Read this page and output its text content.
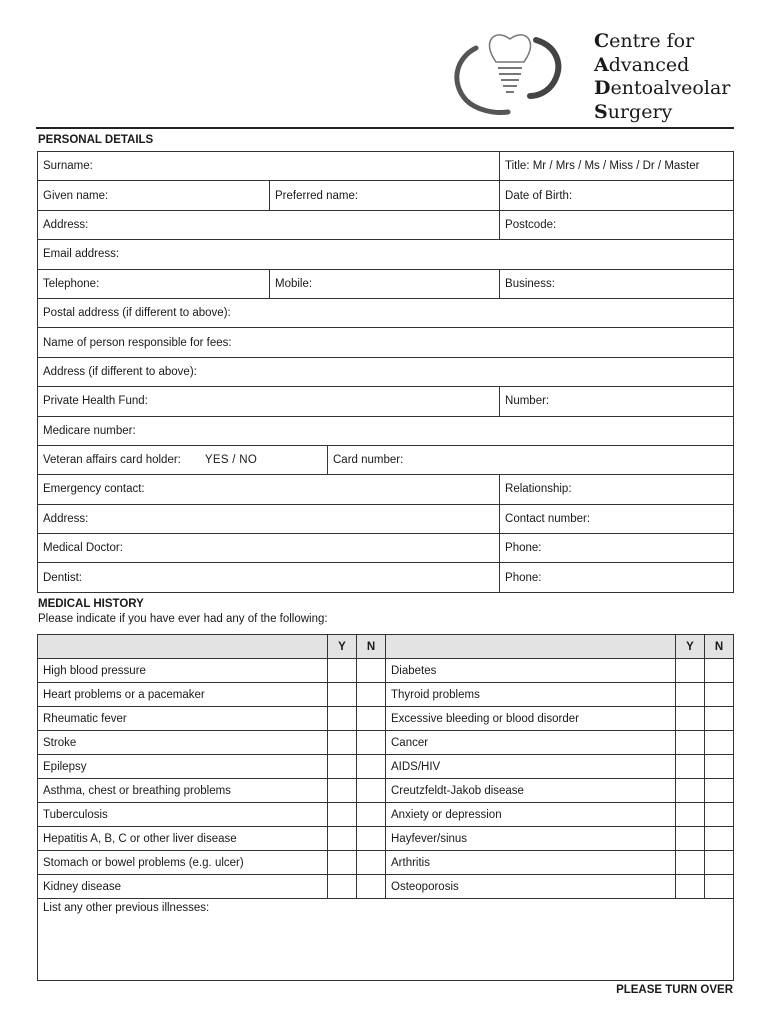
Centre for
Advanced
Dentoalveolar
Surgery
PERSONAL DETAILS
Surname:			Title: Mr / Mrs / Ms / Miss / Dr / Master
Given name:	Preferred name:		Date of Birth:
Address:			Postcode:
Email address:			
Telephone:	Mobile:		Business:
Postal address (if different to above):			
Name of person responsible for fees:			
Address (if different to above):			
Private Health Fund:			Number:
Medicare number:			
Veteran affairs card holder: YES / NO		Card number:	
Emergency contact:			Relationship:
Address:			Contact number:
Medical Doctor:			Phone:
Dentist:			Phone:
MEDICAL HISTORY
Please indicate if you have ever had any of the following:
	Y	N		Y	N
High blood pressure			Diabetes		
Heart problems or a pacemaker			Thyroid problems		
Rheumatic fever			Excessive bleeding or blood disorder		
Stroke			Cancer		
Epilepsy			AIDS/HIV		
Asthma, chest or breathing problems			Creutzfeldt-Jakob disease		
Tuberculosis			Anxiety or depression		
Hepatitis A, B, C or other liver disease			Hayfever/sinus		
Stomach or bowel problems (e.g. ulcer)			Arthritis		
Kidney disease			Osteoporosis		
List any other previous illnesses:					
PLEASE TURN OVER
